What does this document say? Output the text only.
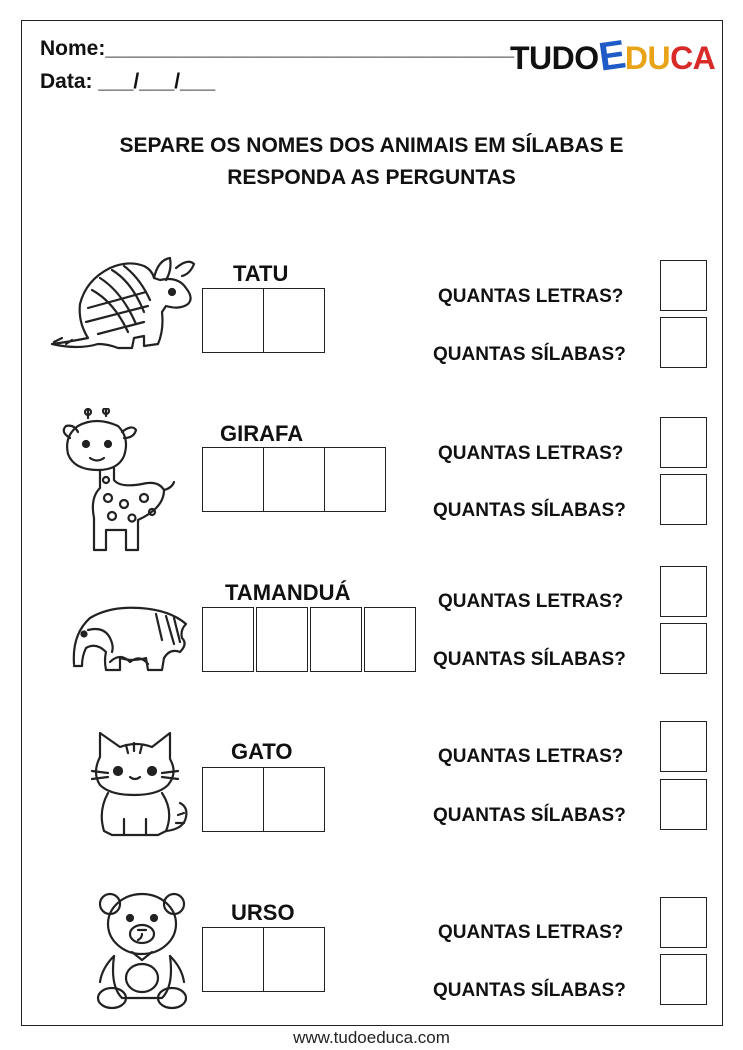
Nome:___________________________________
Data: ___/___/___
TUDOEDUCA
SEPARE OS NOMES DOS ANIMAIS EM SÍLABAS E
RESPONDA AS PERGUNTAS
TATU
QUANTAS LETRAS?
QUANTAS SÍLABAS?
GIRAFA
QUANTAS LETRAS?
QUANTAS SÍLABAS?
TAMANDUÁ	QUANTAS LETRAS?
QUANTAS SÍLABAS?
GATO	QUANTAS LETRAS?
QUANTAS SÍLABAS?
URSO
QUANTAS LETRAS?
QUANTAS SÍLABAS?
www.tudoeduca.com
